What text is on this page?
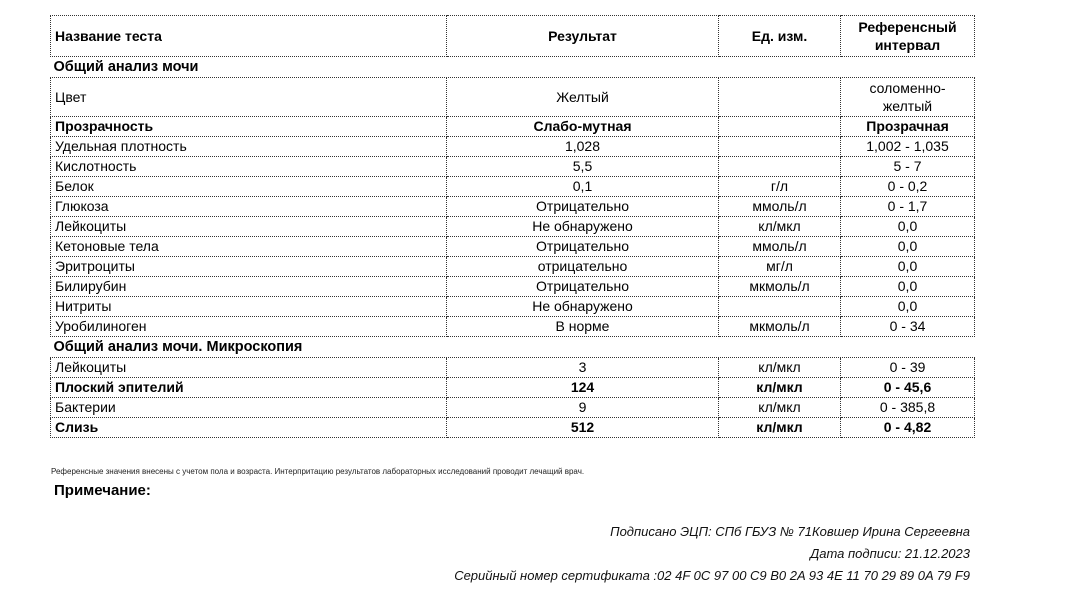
Название теста	Результат	Ед. изм.	Референсный интервал
Общий анализ мочи			
Цвет	Желтый		соломенно-желтый
Прозрачность	Слабо-мутная		Прозрачная
Удельная плотность	1,028		1,002 - 1,035
Кислотность	5,5		5 - 7
Белок	0,1	г/л	0 - 0,2
Глюкоза	Отрицательно	ммоль/л	0 - 1,7
Лейкоциты	Не обнаружено	кл/мкл	0,0
Кетоновые тела	Отрицательно	ммоль/л	0,0
Эритроциты	отрицательно	мг/л	0,0
Билирубин	Отрицательно	мкмоль/л	0,0
Нитриты	Не обнаружено		0,0
Уробилиноген	В норме	мкмоль/л	0 - 34
Общий анализ мочи. Микроскопия			
Лейкоциты	3	кл/мкл	0 - 39
Плоский эпителий	124	кл/мкл	0 - 45,6
Бактерии	9	кл/мкл	0 - 385,8
Слизь	512	кл/мкл	0 - 4,82
Референсные значения внесены с учетом пола и возраста. Интерпритацию результатов лабораторных исследований проводит лечащий врач.
Примечание:
Подписано ЭЦП: СПб ГБУЗ № 71Ковшер Ирина Сергеевна
Дата подписи: 21.12.2023
Серийный номер сертификата :02 4F 0C 97 00 C9 B0 2A 93 4E 11 70 29 89 0A 79 F9
